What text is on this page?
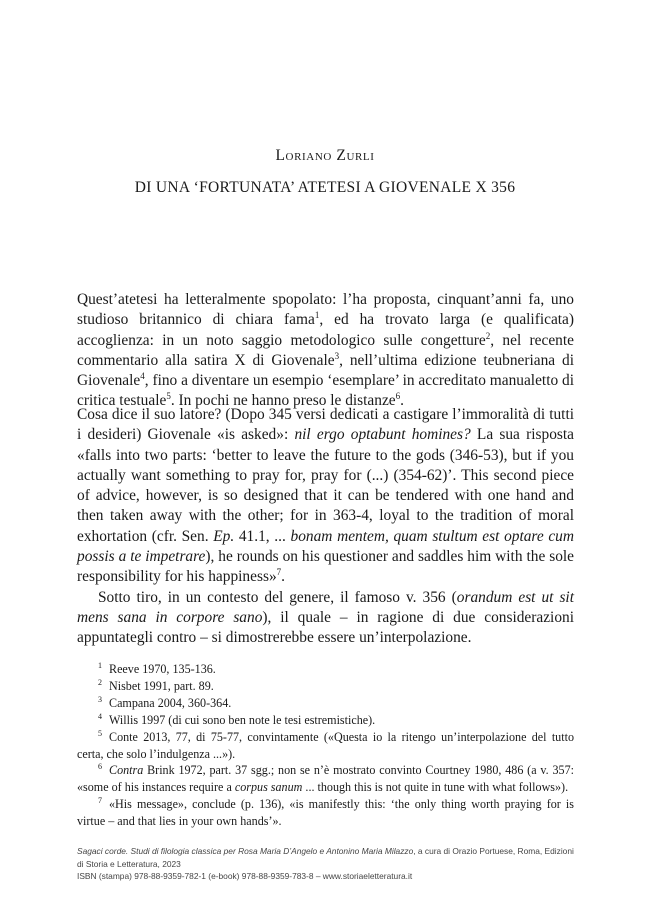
Loriano Zurli
DI UNA ‘FORTUNATA’ ATETESI A GIOVENALE X 356

Quest’atetesi ha letteralmente spopolato: l’ha proposta, cinquant’anni fa, uno studioso britannico di chiara fama$^1$, ed ha trovato larga (e qualificata) accoglienza: in un noto saggio metodologico sulle congetture$^2$, nel recente commentario alla satira X di Giovenale$^3$, nell’ultima edizione teubneriana di Giovenale$^4$, fino a diventare un esempio ‘esemplare’ in accreditato manualetto di critica testuale$^5$. In pochi ne hanno preso le distanze$^6$.

Cosa dice il suo latore? (Dopo 345 versi dedicati a castigare l’immoralità di tutti i desideri) Giovenale «is asked»: nil ergo optabunt homines? La sua risposta «falls into two parts: ‘better to leave the future to the gods (346-53), but if you actually want something to pray for, pray for (...) (354-62)’. This second piece of advice, however, is so designed that it can be tendered with one hand and then taken away with the other; for in 363-4, loyal to the tradition of moral exhortation (cfr. Sen. Ep. 41.1, ... bonam mentem, quam stultum est optare cum possis a te impetrare), he rounds on his questioner and saddles him with the sole responsibility for his happiness»$^7$.

Sotto tiro, in un contesto del genere, il famoso v. 356 (orandum est ut sit mens sana in corpore sano), il quale – in ragione di due considerazioni appuntategli contro – si dimostrerebbe essere un’interpolazione.

1 Reeve 1970, 135-136.

2 Nisbet 1991, part. 89.

3 Campana 2004, 360-364.

4 Willis 1997 (di cui sono ben note le tesi estremistiche).

5 Conte 2013, 77, di 75-77, convintamente («Questa io la ritengo un’interpolazione del tutto certa, che solo l’indulgenza ...»).

6 Contra Brink 1972, part. 37 sgg.; non se n’è mostrato convinto Courtney 1980, 486 (a v. 357: «some of his instances require a corpus sanum ... though this is not quite in tune with what follows»).

7 «His message», conclude (p. 136), «is manifestly this: ‘the only thing worth praying for is virtue – and that lies in your own hands’».

Sagaci corde. Studi di filologia classica per Rosa Maria D’Angelo e Antonino Maria Milazzo, a cura di Orazio Portuese, Roma, Edizioni di Storia e Letteratura, 2023

ISBN (stampa) 978-88-9359-782-1 (e-book) 978-88-9359-783-8 – www.storiaeletteratura.it
